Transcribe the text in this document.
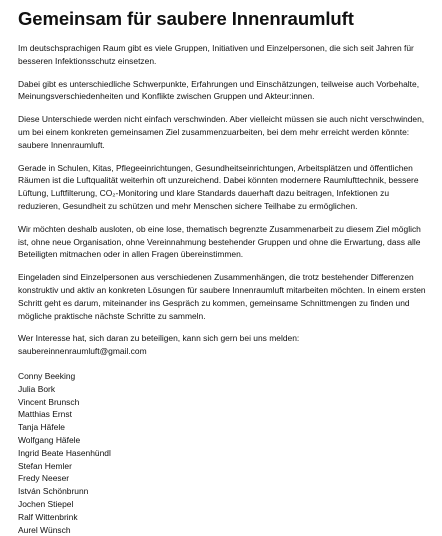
Gemeinsam für saubere Innenraumluft

Im deutschsprachigen Raum gibt es viele Gruppen, Initiativen und Einzelpersonen, die sich seit Jahren für besseren Infektionsschutz einsetzen.

Dabei gibt es unterschiedliche Schwerpunkte, Erfahrungen und Einschätzungen, teilweise auch Vorbehalte, Meinungsverschiedenheiten und Konflikte zwischen Gruppen und Akteur:innen.

Diese Unterschiede werden nicht einfach verschwinden. Aber vielleicht müssen sie auch nicht verschwinden, um bei einem konkreten gemeinsamen Ziel zusammenzuarbeiten, bei dem mehr erreicht werden könnte: saubere Innenraumluft.

Gerade in Schulen, Kitas, Pflegeeinrichtungen, Gesundheitseinrichtungen, Arbeitsplätzen und öffentlichen Räumen ist die Luftqualität weiterhin oft unzureichend. Dabei könnten modernere Raumlufttechnik, bessere Lüftung, Luftfilterung, CO₂-Monitoring und klare Standards dauerhaft dazu beitragen, Infektionen zu reduzieren, Gesundheit zu schützen und mehr Menschen sichere Teilhabe zu ermöglichen.

Wir möchten deshalb ausloten, ob eine lose, thematisch begrenzte Zusammenarbeit zu diesem Ziel möglich ist, ohne neue Organisation, ohne Vereinnahmung bestehender Gruppen und ohne die Erwartung, dass alle Beteiligten mitmachen oder in allen Fragen übereinstimmen.

Eingeladen sind Einzelpersonen aus verschiedenen Zusammenhängen, die trotz bestehender Differenzen konstruktiv und aktiv an konkreten Lösungen für saubere Innenraumluft mitarbeiten möchten. In einem ersten Schritt geht es darum, miteinander ins Gespräch zu kommen, gemeinsame Schnittmengen zu finden und mögliche praktische nächste Schritte zu sammeln.

Wer Interesse hat, sich daran zu beteiligen, kann sich gern bei uns melden:
saubereinnenraumluft@gmail.com

Conny Beeking
Julia Bork
Vincent Brunsch
Matthias Ernst
Tanja Häfele
Wolfgang Häfele
Ingrid Beate Hasenhündl
Stefan Hemler
Fredy Neeser
István Schönbrunn
Jochen Stiepel
Ralf Wittenbrink
Aurel Wünsch
